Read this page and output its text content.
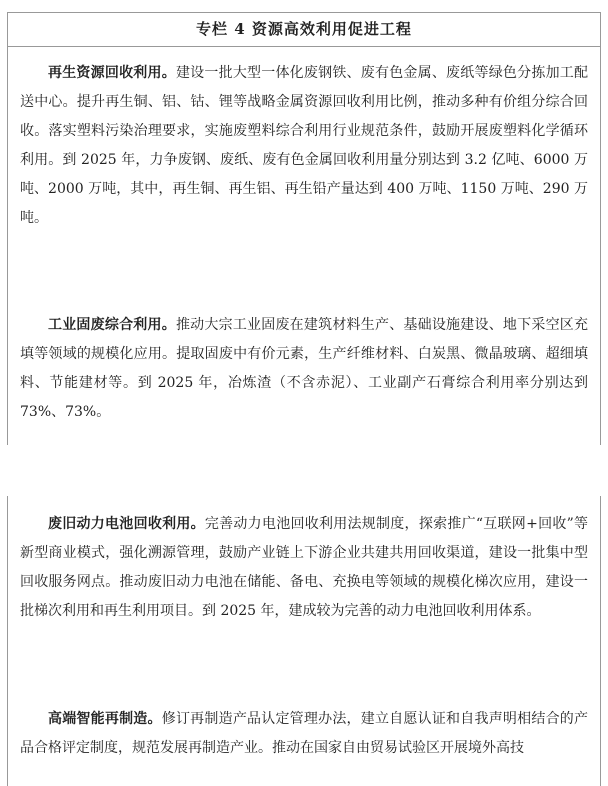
专栏 4 资源高效利用促进工程
再生资源回收利用。建设一批大型一体化废钢铁、废有色金属、废纸等绿色分拣加工配送中心。提升再生铜、铝、钴、锂等战略金属资源回收利用比例，推动多种有价组分综合回收。落实塑料污染治理要求，实施废塑料综合利用行业规范条件，鼓励开展废塑料化学循环利用。到 2025 年，力争废钢、废纸、废有色金属回收利用量分别达到 3.2 亿吨、6000 万吨、2000 万吨，其中，再生铜、再生铝、再生铅产量达到 400 万吨、1150 万吨、290 万吨。
工业固废综合利用。推动大宗工业固废在建筑材料生产、基础设施建设、地下采空区充填等领域的规模化应用。提取固废中有价元素，生产纤维材料、白炭黑、微晶玻璃、超细填料、节能建材等。到 2025 年，冶炼渣（不含赤泥）、工业副产石膏综合利用率分别达到 73%、73%。
废旧动力电池回收利用。完善动力电池回收利用法规制度，探索推广“互联网+回收”等新型商业模式，强化溯源管理，鼓励产业链上下游企业共建共用回收渠道，建设一批集中型回收服务网点。推动废旧动力电池在储能、备电、充换电等领域的规模化梯次应用，建设一批梯次利用和再生利用项目。到 2025 年，建成较为完善的动力电池回收利用体系。
高端智能再制造。修订再制造产品认定管理办法，建立自愿认证和自我声明相结合的产品合格评定制度，规范发展再制造产业。推动在国家自由贸易试验区开展境外高技
